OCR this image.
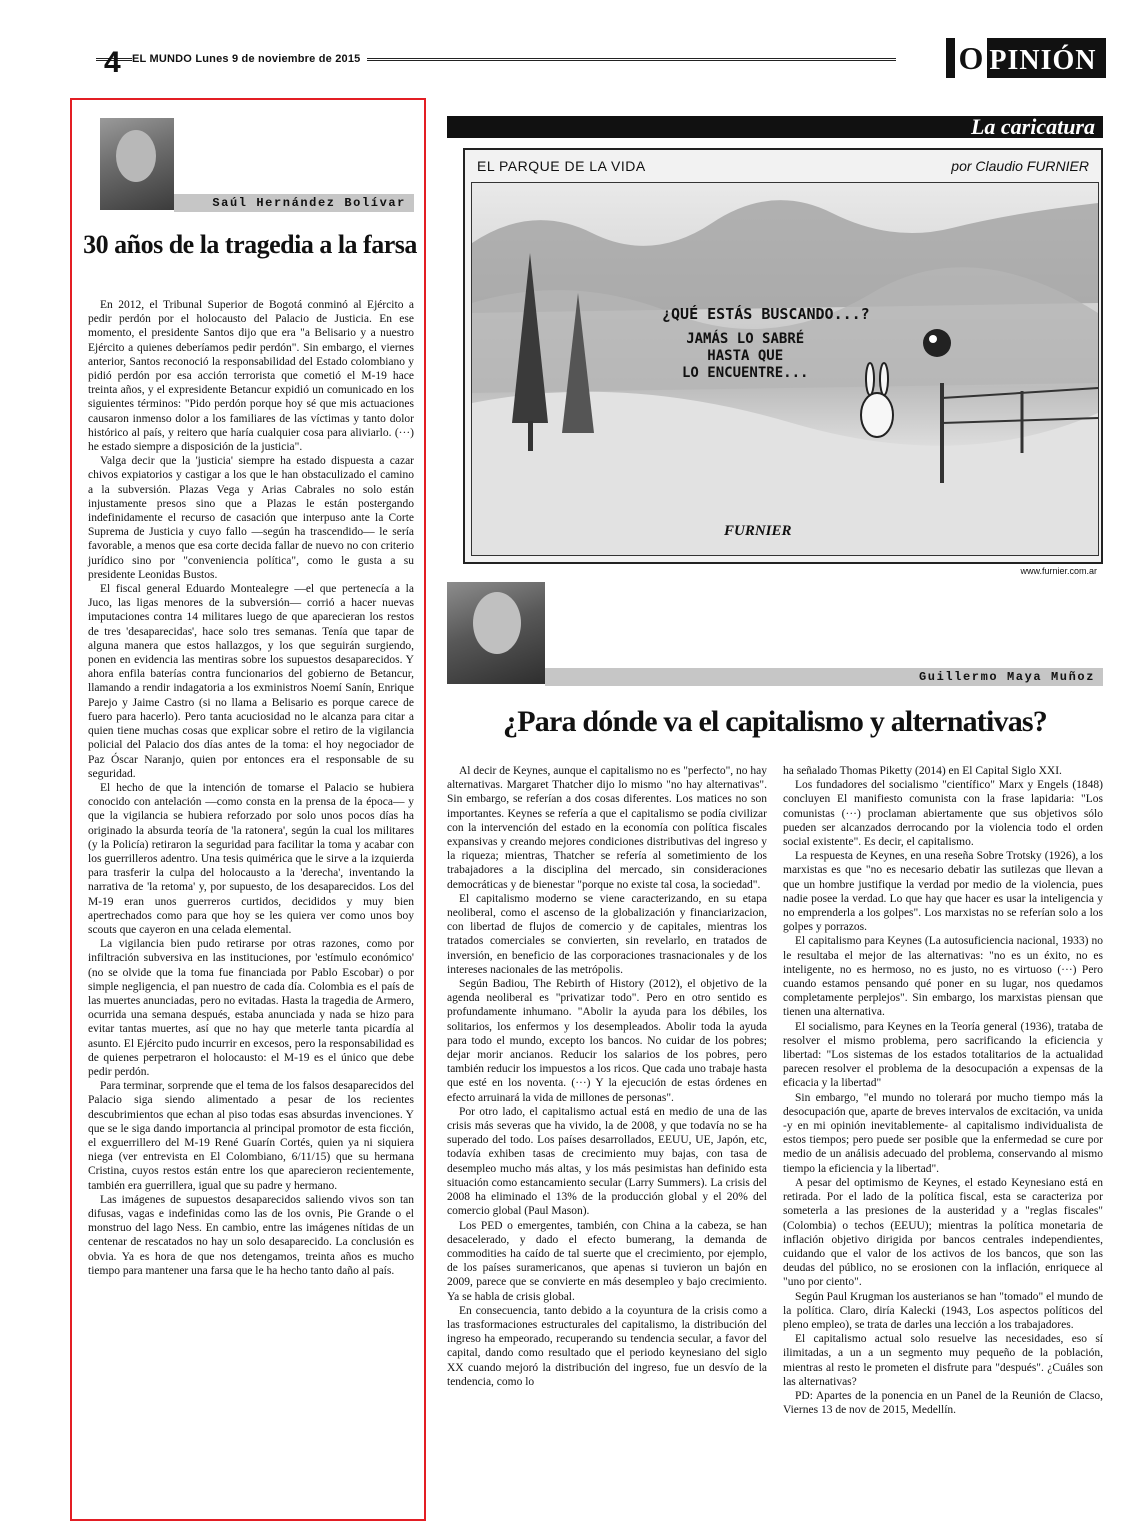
4 EL MUNDO Lunes 9 de noviembre de 2015	O PINIÓN
Saúl Hernández Bolívar
30 años de la tragedia a la farsa

En 2012, el Tribunal Superior de Bogotá conminó al Ejército a pedir perdón por el holocausto del Palacio de Justicia. En ese momento, el presidente Santos dijo que era "a Belisario y a nuestro Ejército a quienes deberíamos pedir perdón". Sin embargo, el viernes anterior, Santos reconoció la responsabilidad del Estado colombiano y pidió perdón por esa acción terrorista que cometió el M-19 hace treinta años, y el expresidente Betancur expidió un comunicado en los siguientes términos: "Pido perdón porque hoy sé que mis actuaciones causaron inmenso dolor a los familiares de las víctimas y tanto dolor histórico al país, y reitero que haría cualquier cosa para aliviarlo. (···) he estado siempre a disposición de la justicia".

Valga decir que la 'justicia' siempre ha estado dispuesta a cazar chivos expiatorios y castigar a los que le han obstaculizado el camino a la subversión. Plazas Vega y Arias Cabrales no solo están injustamente presos sino que a Plazas le están postergando indefinidamente el recurso de casación que interpuso ante la Corte Suprema de Justicia y cuyo fallo —según ha trascendido— le sería favorable, a menos que esa corte decida fallar de nuevo no con criterio jurídico sino por "conveniencia política", como le gusta a su presidente Leonidas Bustos.

El fiscal general Eduardo Montealegre —el que pertenecía a la Juco, las ligas menores de la subversión— corrió a hacer nuevas imputaciones contra 14 militares luego de que aparecieran los restos de tres 'desaparecidas', hace solo tres semanas. Tenía que tapar de alguna manera que estos hallazgos, y los que seguirán surgiendo, ponen en evidencia las mentiras sobre los supuestos desaparecidos. Y ahora enfila baterías contra funcionarios del gobierno de Betancur, llamando a rendir indagatoria a los exministros Noemí Sanín, Enrique Parejo y Jaime Castro (si no llama a Belisario es porque carece de fuero para hacerlo). Pero tanta acuciosidad no le alcanza para citar a quien tiene muchas cosas que explicar sobre el retiro de la vigilancia policial del Palacio dos días antes de la toma: el hoy negociador de Paz Óscar Naranjo, quien por entonces era el responsable de su seguridad.

El hecho de que la intención de tomarse el Palacio se hubiera conocido con antelación —como consta en la prensa de la época— y que la vigilancia se hubiera reforzado por solo unos pocos días ha originado la absurda teoría de 'la ratonera', según la cual los militares (y la Policía) retiraron la seguridad para facilitar la toma y acabar con los guerrilleros adentro. Una tesis quimérica que le sirve a la izquierda para trasferir la culpa del holocausto a la 'derecha', inventando la narrativa de 'la retoma' y, por supuesto, de los desaparecidos. Los del M-19 eran unos guerreros curtidos, decididos y muy bien apertrechados como para que hoy se les quiera ver como unos boy scouts que cayeron en una celada elemental.

La vigilancia bien pudo retirarse por otras razones, como por infiltración subversiva en las instituciones, por 'estímulo económico' (no se olvide que la toma fue financiada por Pablo Escobar) o por simple negligencia, el pan nuestro de cada día. Colombia es el país de las muertes anunciadas, pero no evitadas. Hasta la tragedia de Armero, ocurrida una semana después, estaba anunciada y nada se hizo para evitar tantas muertes, así que no hay que meterle tanta picardía al asunto. El Ejército pudo incurrir en excesos, pero la responsabilidad es de quienes perpetraron el holocausto: el M-19 es el único que debe pedir perdón.

Para terminar, sorprende que el tema de los falsos desaparecidos del Palacio siga siendo alimentado a pesar de los recientes descubrimientos que echan al piso todas esas absurdas invenciones. Y que se le siga dando importancia al principal promotor de esta ficción, el exguerrillero del M-19 René Guarín Cortés, quien ya ni siquiera niega (ver entrevista en El Colombiano, 6/11/15) que su hermana Cristina, cuyos restos están entre los que aparecieron recientemente, también era guerrillera, igual que su padre y hermano.

Las imágenes de supuestos desaparecidos saliendo vivos son tan difusas, vagas e indefinidas como las de los ovnis, Pie Grande o el monstruo del lago Ness. En cambio, entre las imágenes nítidas de un centenar de rescatados no hay un solo desaparecido. La conclusión es obvia. Ya es hora de que nos detengamos, treinta años es mucho tiempo para mantener una farsa que le ha hecho tanto daño al país.

La caricatura
EL PARQUE DE LA VIDA	por Claudio FURNIER
¿QUÉ ESTÁS BUSCANDO...?
JAMÁS LO SABRÉ
HASTA QUE
LO ENCUENTRE...
FURNIER
www.furnier.com.ar
Guillermo Maya Muñoz
¿Para dónde va el capitalismo y alternativas?

Al decir de Keynes, aunque el capitalismo no es "perfecto", no hay alternativas. Margaret Thatcher dijo lo mismo "no hay alternativas". Sin embargo, se referían a dos cosas diferentes. Los matices no son importantes. Keynes se refería a que el capitalismo se podía civilizar con la intervención del estado en la economía con política fiscales expansivas y creando mejores condiciones distributivas del ingreso y la riqueza; mientras, Thatcher se refería al sometimiento de los trabajadores a la disciplina del mercado, sin consideraciones democráticas y de bienestar "porque no existe tal cosa, la sociedad".

El capitalismo moderno se viene caracterizando, en su etapa neoliberal, como el ascenso de la globalización y financiarizacion, con libertad de flujos de comercio y de capitales, mientras los tratados comerciales se convierten, sin revelarlo, en tratados de inversión, en beneficio de las corporaciones trasnacionales y de los intereses nacionales de las metrópolis.

Según Badiou, The Rebirth of History (2012), el objetivo de la agenda neoliberal es "privatizar todo". Pero en otro sentido es profundamente inhumano. "Abolir la ayuda para los débiles, los solitarios, los enfermos y los desempleados. Abolir toda la ayuda para todo el mundo, excepto los bancos. No cuidar de los pobres; dejar morir ancianos. Reducir los salarios de los pobres, pero también reducir los impuestos a los ricos. Que cada uno trabaje hasta que esté en los noventa. (···) Y la ejecución de estas órdenes en efecto arruinará la vida de millones de personas".

Por otro lado, el capitalismo actual está en medio de una de las crisis más severas que ha vivido, la de 2008, y que todavía no se ha superado del todo. Los países desarrollados, EEUU, UE, Japón, etc, todavía exhiben tasas de crecimiento muy bajas, con tasa de desempleo mucho más altas, y los más pesimistas han definido esta situación como estancamiento secular (Larry Summers). La crisis del 2008 ha eliminado el 13% de la producción global y el 20% del comercio global (Paul Mason).

Los PED o emergentes, también, con China a la cabeza, se han desacelerado, y dado el efecto bumerang, la demanda de commodities ha caído de tal suerte que el crecimiento, por ejemplo, de los países suramericanos, que apenas si tuvieron un bajón en 2009, parece que se convierte en más desempleo y bajo crecimiento. Ya se habla de crisis global.

En consecuencia, tanto debido a la coyuntura de la crisis como a las trasformaciones estructurales del capitalismo, la distribución del ingreso ha empeorado, recuperando su tendencia secular, a favor del capital, dando como resultado que el periodo keynesiano del siglo XX cuando mejoró la distribución del ingreso, fue un desvío de la tendencia, como lo

ha señalado Thomas Piketty (2014) en El Capital Siglo XXI.

Los fundadores del socialismo "científico" Marx y Engels (1848) concluyen El manifiesto comunista con la frase lapidaria: "Los comunistas (···) proclaman abiertamente que sus objetivos sólo pueden ser alcanzados derrocando por la violencia todo el orden social existente". Es decir, el capitalismo.

La respuesta de Keynes, en una reseña Sobre Trotsky (1926), a los marxistas es que "no es necesario debatir las sutilezas que llevan a que un hombre justifique la verdad por medio de la violencia, pues nadie posee la verdad. Lo que hay que hacer es usar la inteligencia y no emprenderla a los golpes". Los marxistas no se referían solo a los golpes y porrazos.

El capitalismo para Keynes (La autosuficiencia nacional, 1933) no le resultaba el mejor de las alternativas: "no es un éxito, no es inteligente, no es hermoso, no es justo, no es virtuoso (···) Pero cuando estamos pensando qué poner en su lugar, nos quedamos completamente perplejos". Sin embargo, los marxistas piensan que tienen una alternativa.

El socialismo, para Keynes en la Teoría general (1936), trataba de resolver el mismo problema, pero sacrificando la eficiencia y libertad: "Los sistemas de los estados totalitarios de la actualidad parecen resolver el problema de la desocupación a expensas de la eficacia y la libertad"

Sin embargo, "el mundo no tolerará por mucho tiempo más la desocupación que, aparte de breves intervalos de excitación, va unida -y en mi opinión inevitablemente- al capitalismo individualista de estos tiempos; pero puede ser posible que la enfermedad se cure por medio de un análisis adecuado del problema, conservando al mismo tiempo la eficiencia y la libertad".

A pesar del optimismo de Keynes, el estado Keynesiano está en retirada. Por el lado de la política fiscal, esta se caracteriza por someterla a las presiones de la austeridad y a "reglas fiscales" (Colombia) o techos (EEUU); mientras la política monetaria de inflación objetivo dirigida por bancos centrales independientes, cuidando que el valor de los activos de los bancos, que son las deudas del público, no se erosionen con la inflación, enriquece al "uno por ciento".

Según Paul Krugman los austerianos se han "tomado" el mundo de la política. Claro, diría Kalecki (1943, Los aspectos políticos del pleno empleo), se trata de darles una lección a los trabajadores.

El capitalismo actual solo resuelve las necesidades, eso sí ilimitadas, a un a un segmento muy pequeño de la población, mientras al resto le prometen el disfrute para "después". ¿Cuáles son las alternativas?

PD: Apartes de la ponencia en un Panel de la Reunión de Clacso, Viernes 13 de nov de 2015, Medellín.
